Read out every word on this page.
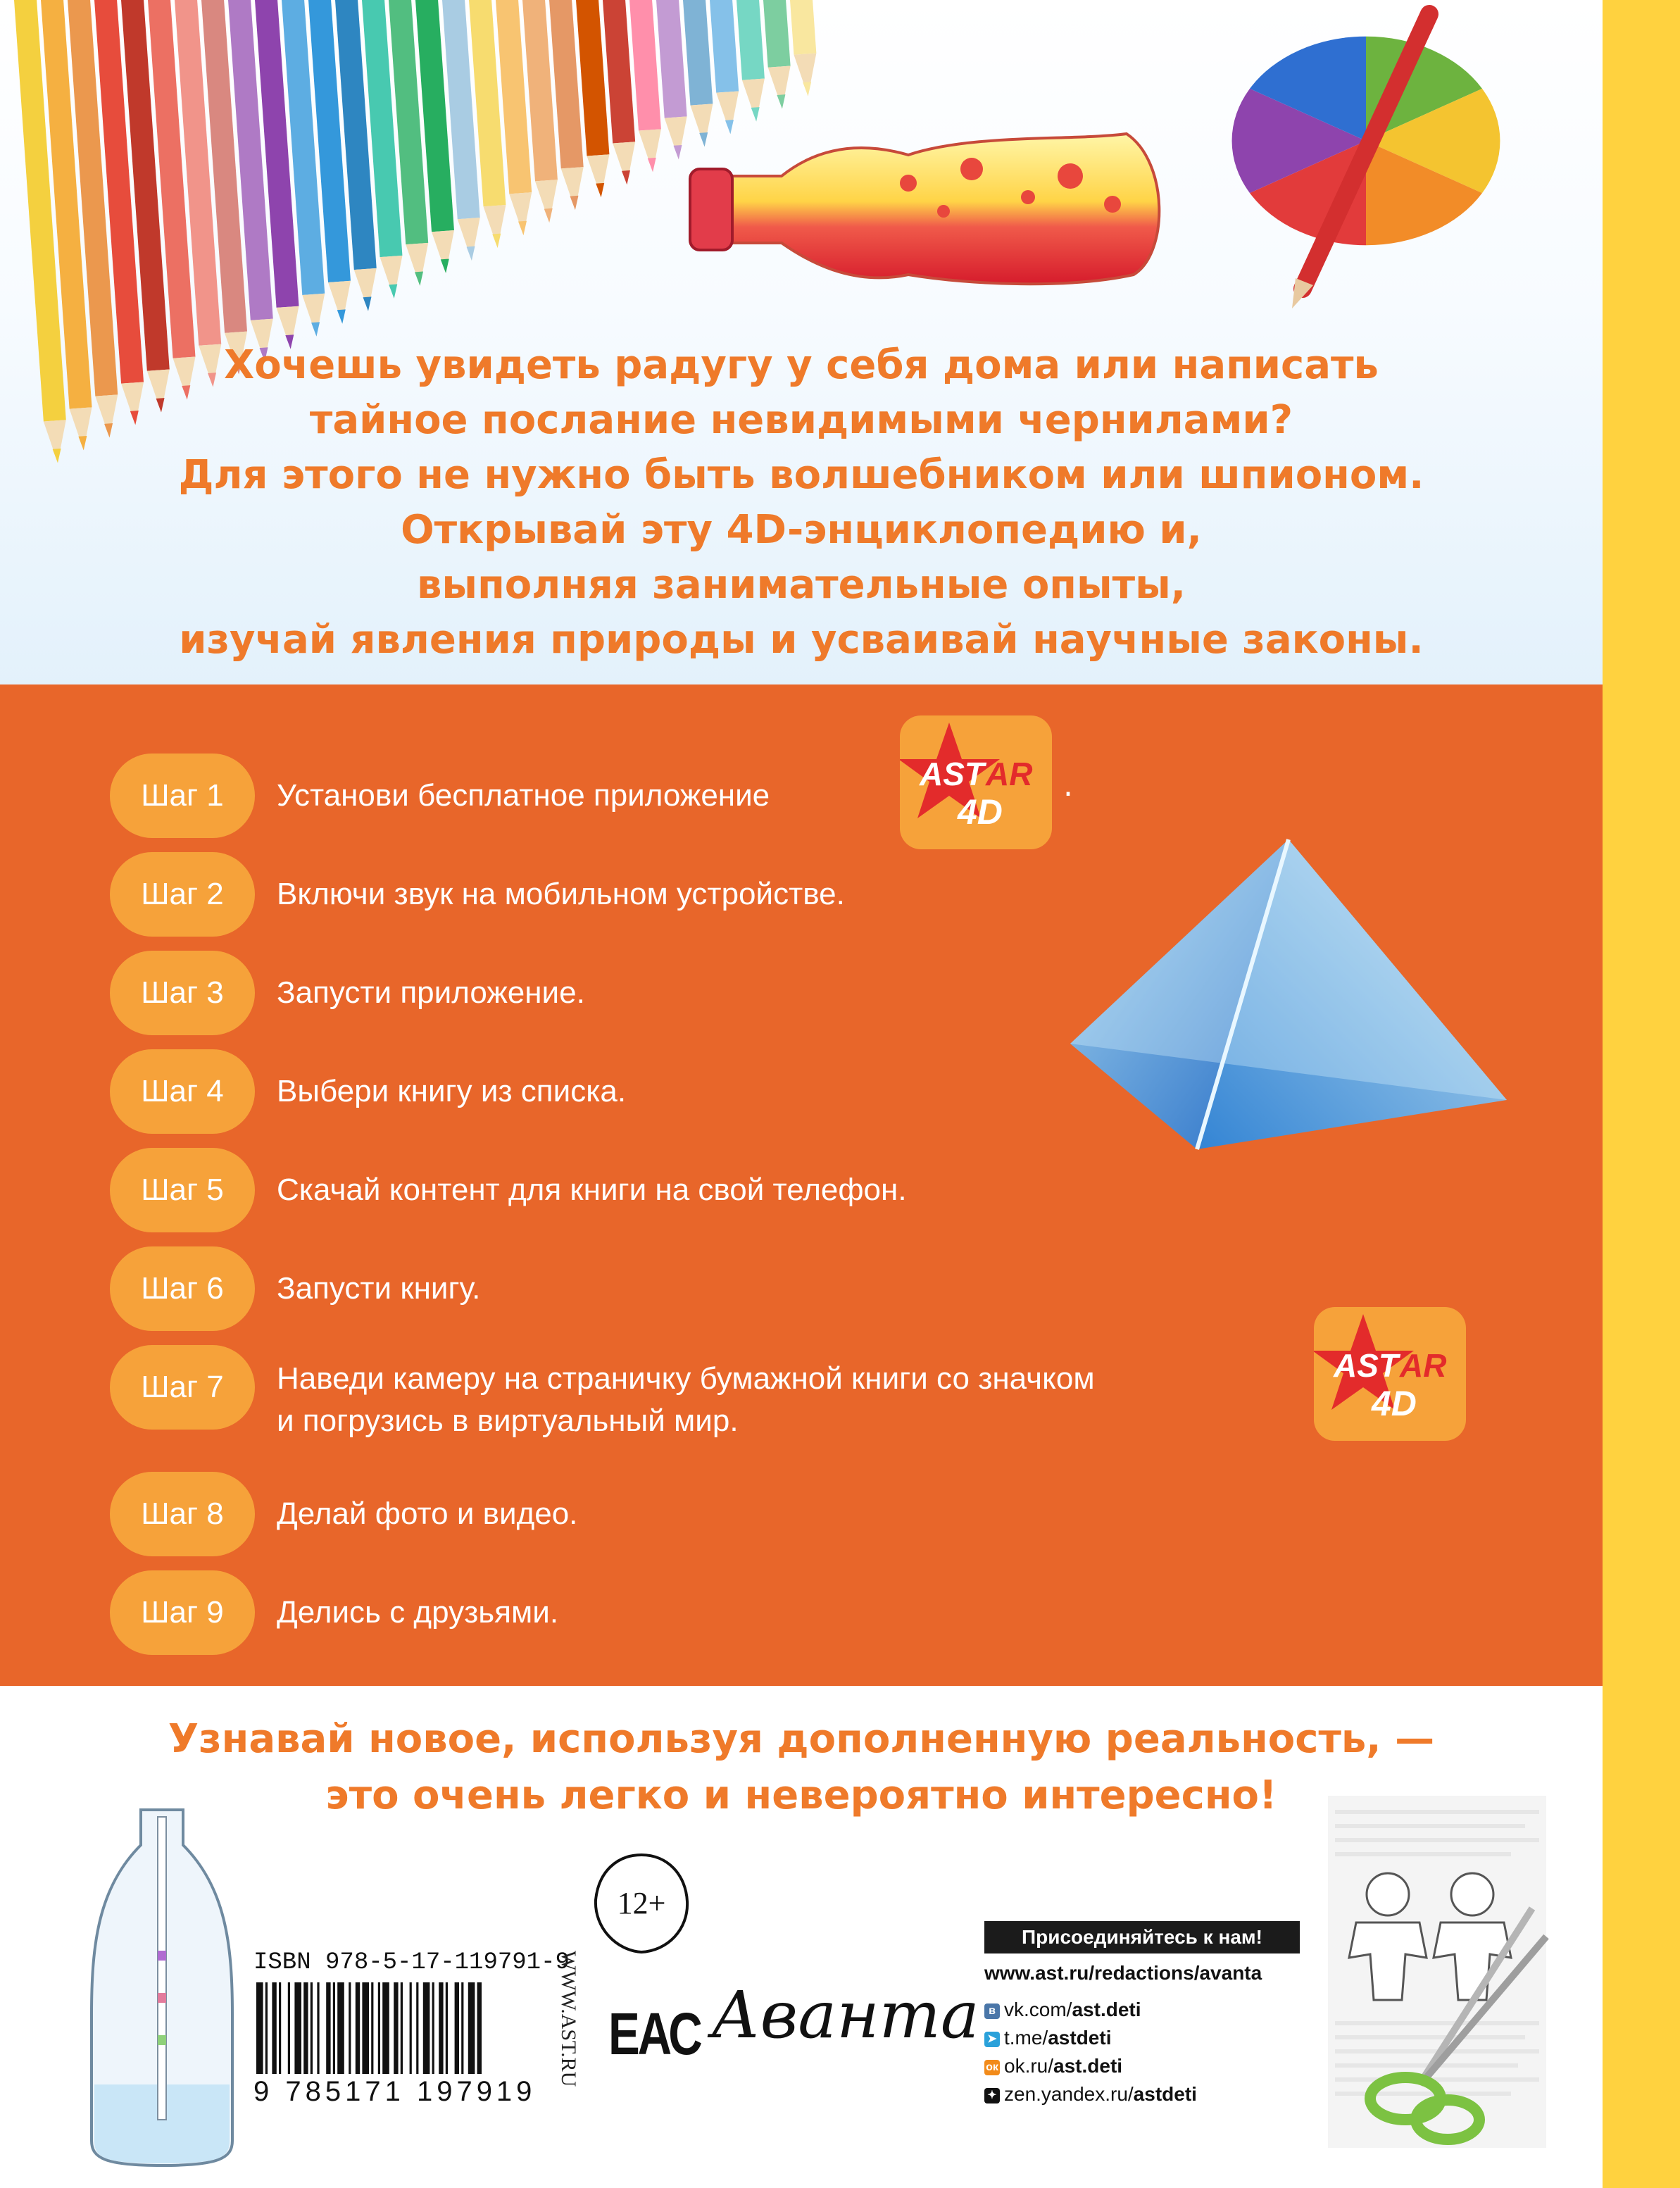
Хочешь увидеть радугу у себя дома или написать
тайное послание невидимыми чернилами?
Для этого не нужно быть волшебником или шпионом.
Открывай эту 4D-энциклопедию и,
выполняя занимательные опыты,
изучай явления природы и усваивай научные законы.
Шаг 1	Установи бесплатное приложение	.
Шаг 2	Включи звук на мобильном устройстве.
Шаг 3	Запусти приложение.
Шаг 4	Выбери книгу из списка.
Шаг 5	Скачай контент для книги на свой телефон.
Шаг 6	Запусти книгу.
Шаг 7	Наведи камеру на страничку бумажной книги со значком
и погрузись в виртуальный мир.
Шаг 8	Делай фото и видео.
Шаг 9	Делись с друзьями.
AST AR
4D
AST AR
4D
Узнавай новое, используя дополненную реальность, —
это очень легко и невероятно интересно!
ISBN 978-5-17-119791-9
9 785171 197919
WWW.AST.RU
12+
ЕАС Аванта
Присоединяйтесь к нам!
www.ast.ru/redactions/avanta
в vk.com/ast.deti
➤ t.me/astdeti
ок ok.ru/ast.deti
✦ zen.yandex.ru/astdeti
